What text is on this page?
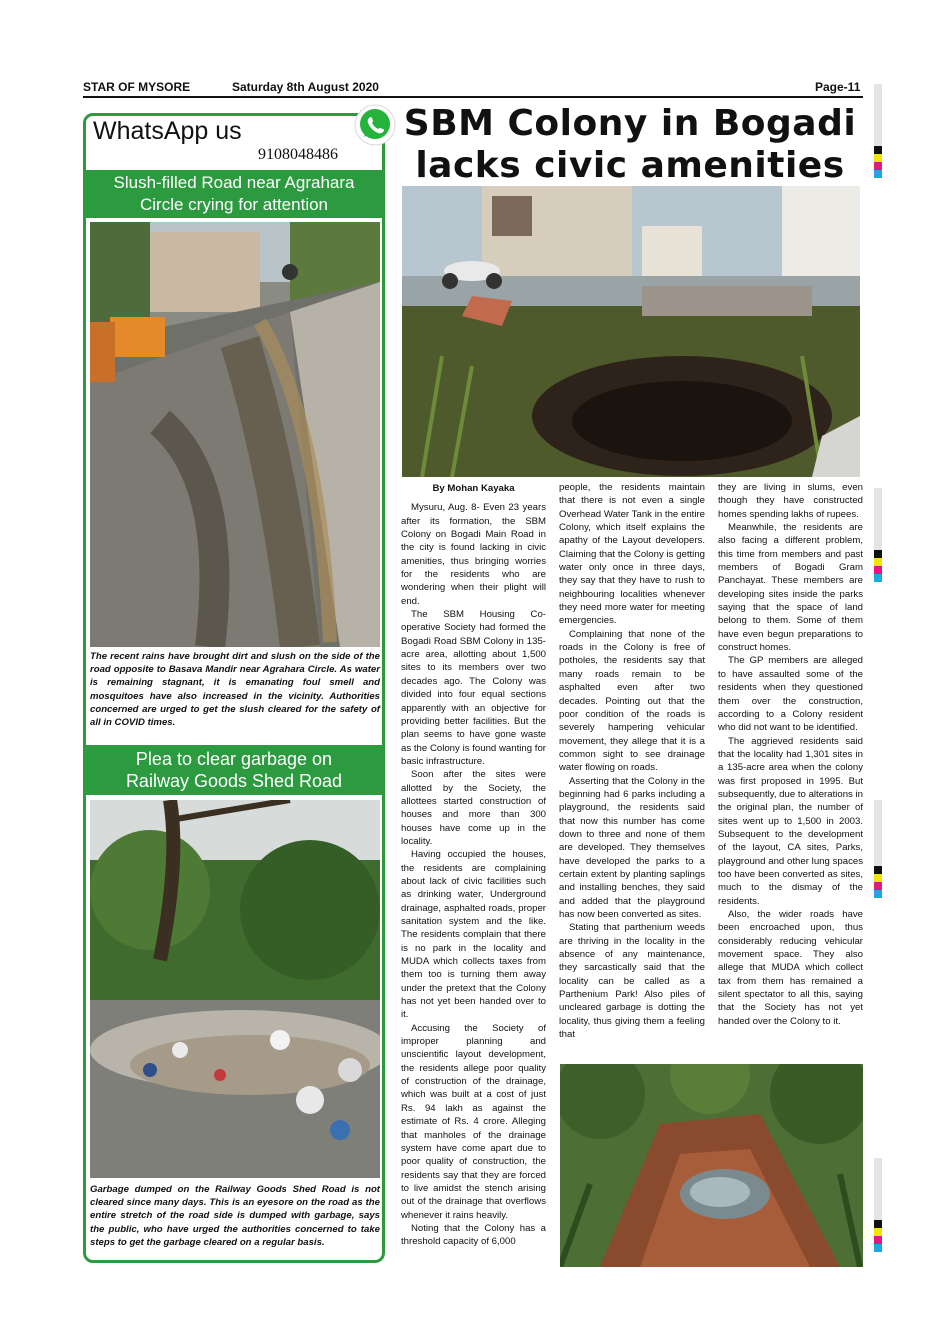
STAR OF MYSORE	Saturday 8th August 2020	Page-11
WhatsApp us
9108048486
Slush-filled Road near Agrahara
Circle crying for attention
The recent rains have brought dirt and slush on the side of the road opposite to Basava Mandir near Agrahara Circle. As water is remaining stagnant, it is emanating foul smell and mosquitoes have also increased in the vicinity. Authorities concerned are urged to get the slush cleared for the safety of all in COVID times.
Plea to clear garbage on
Railway Goods Shed Road
Garbage dumped on the Railway Goods Shed Road is not cleared since many days. This is an eyesore on the road as the entire stretch of the road side is dumped with garbage, says the public, who have urged the authorities concerned to take steps to get the garbage cleared on a regular basis.
SBM Colony in Bogadi
lacks civic amenities
By Mohan Kayaka

Mysuru, Aug. 8- Even 23 years after its formation, the SBM Colony on Bogadi Main Road in the city is found lacking in civic amenities, thus bringing worries for the residents who are wondering when their plight will end.

The SBM Housing Co-operative Society had formed the Bogadi Road SBM Colony in 135-acre area, allotting about 1,500 sites to its members over two decades ago. The Colony was divided into four equal sections apparently with an objective for providing better facilities. But the plan seems to have gone waste as the Colony is found wanting for basic infrastructure.

Soon after the sites were allotted by the Society, the allottees started construction of houses and more than 300 houses have come up in the locality.

Having occupied the houses, the residents are complaining about lack of civic facilities such as drinking water, Underground drainage, asphalted roads, proper sanitation system and the like. The residents complain that there is no park in the locality and MUDA which collects taxes from them too is turning them away under the pretext that the Colony has not yet been handed over to it.

Accusing the Society of improper planning and unscientific layout development, the residents allege poor quality of construction of the drainage, which was built at a cost of just Rs. 94 lakh as against the estimate of Rs. 4 crore. Alleging that manholes of the drainage system have come apart due to poor quality of construction, the residents say that they are forced to live amidst the stench arising out of the drainage that overflows whenever it rains heavily.

Noting that the Colony has a threshold capacity of 6,000

people, the residents maintain that there is not even a single Overhead Water Tank in the entire Colony, which itself explains the apathy of the Layout developers. Claiming that the Colony is getting water only once in three days, they say that they have to rush to neighbouring localities whenever they need more water for meeting emergencies.

Complaining that none of the roads in the Colony is free of potholes, the residents say that many roads remain to be asphalted even after two decades. Pointing out that the poor condition of the roads is severely hampering vehicular movement, they allege that it is a common sight to see drainage water flowing on roads.

Asserting that the Colony in the beginning had 6 parks including a playground, the residents said that now this number has come down to three and none of them are developed. They themselves have developed the parks to a certain extent by planting saplings and installing benches, they said and added that the playground has now been converted as sites.

Stating that parthenium weeds are thriving in the locality in the absence of any maintenance, they sarcastically said that the locality can be called as a Parthenium Park! Also piles of uncleared garbage is dotting the locality, thus giving them a feeling that

they are living in slums, even though they have constructed homes spending lakhs of rupees.

Meanwhile, the residents are also facing a different problem, this time from members and past members of Bogadi Gram Panchayat. These members are developing sites inside the parks saying that the space of land belong to them. Some of them have even begun preparations to construct homes.

The GP members are alleged to have assaulted some of the residents when they questioned them over the construction, according to a Colony resident who did not want to be identified.

The aggrieved residents said that the locality had 1,301 sites in a 135-acre area when the colony was first proposed in 1995. But subsequently, due to alterations in the original plan, the number of sites went up to 1,500 in 2003. Subsequent to the development of the layout, CA sites, Parks, playground and other lung spaces too have been converted as sites, much to the dismay of the residents.

Also, the wider roads have been encroached upon, thus considerably reducing vehicular movement space. They also allege that MUDA which collect tax from them has remained a silent spectator to all this, saying that the Society has not yet handed over the Colony to it.
